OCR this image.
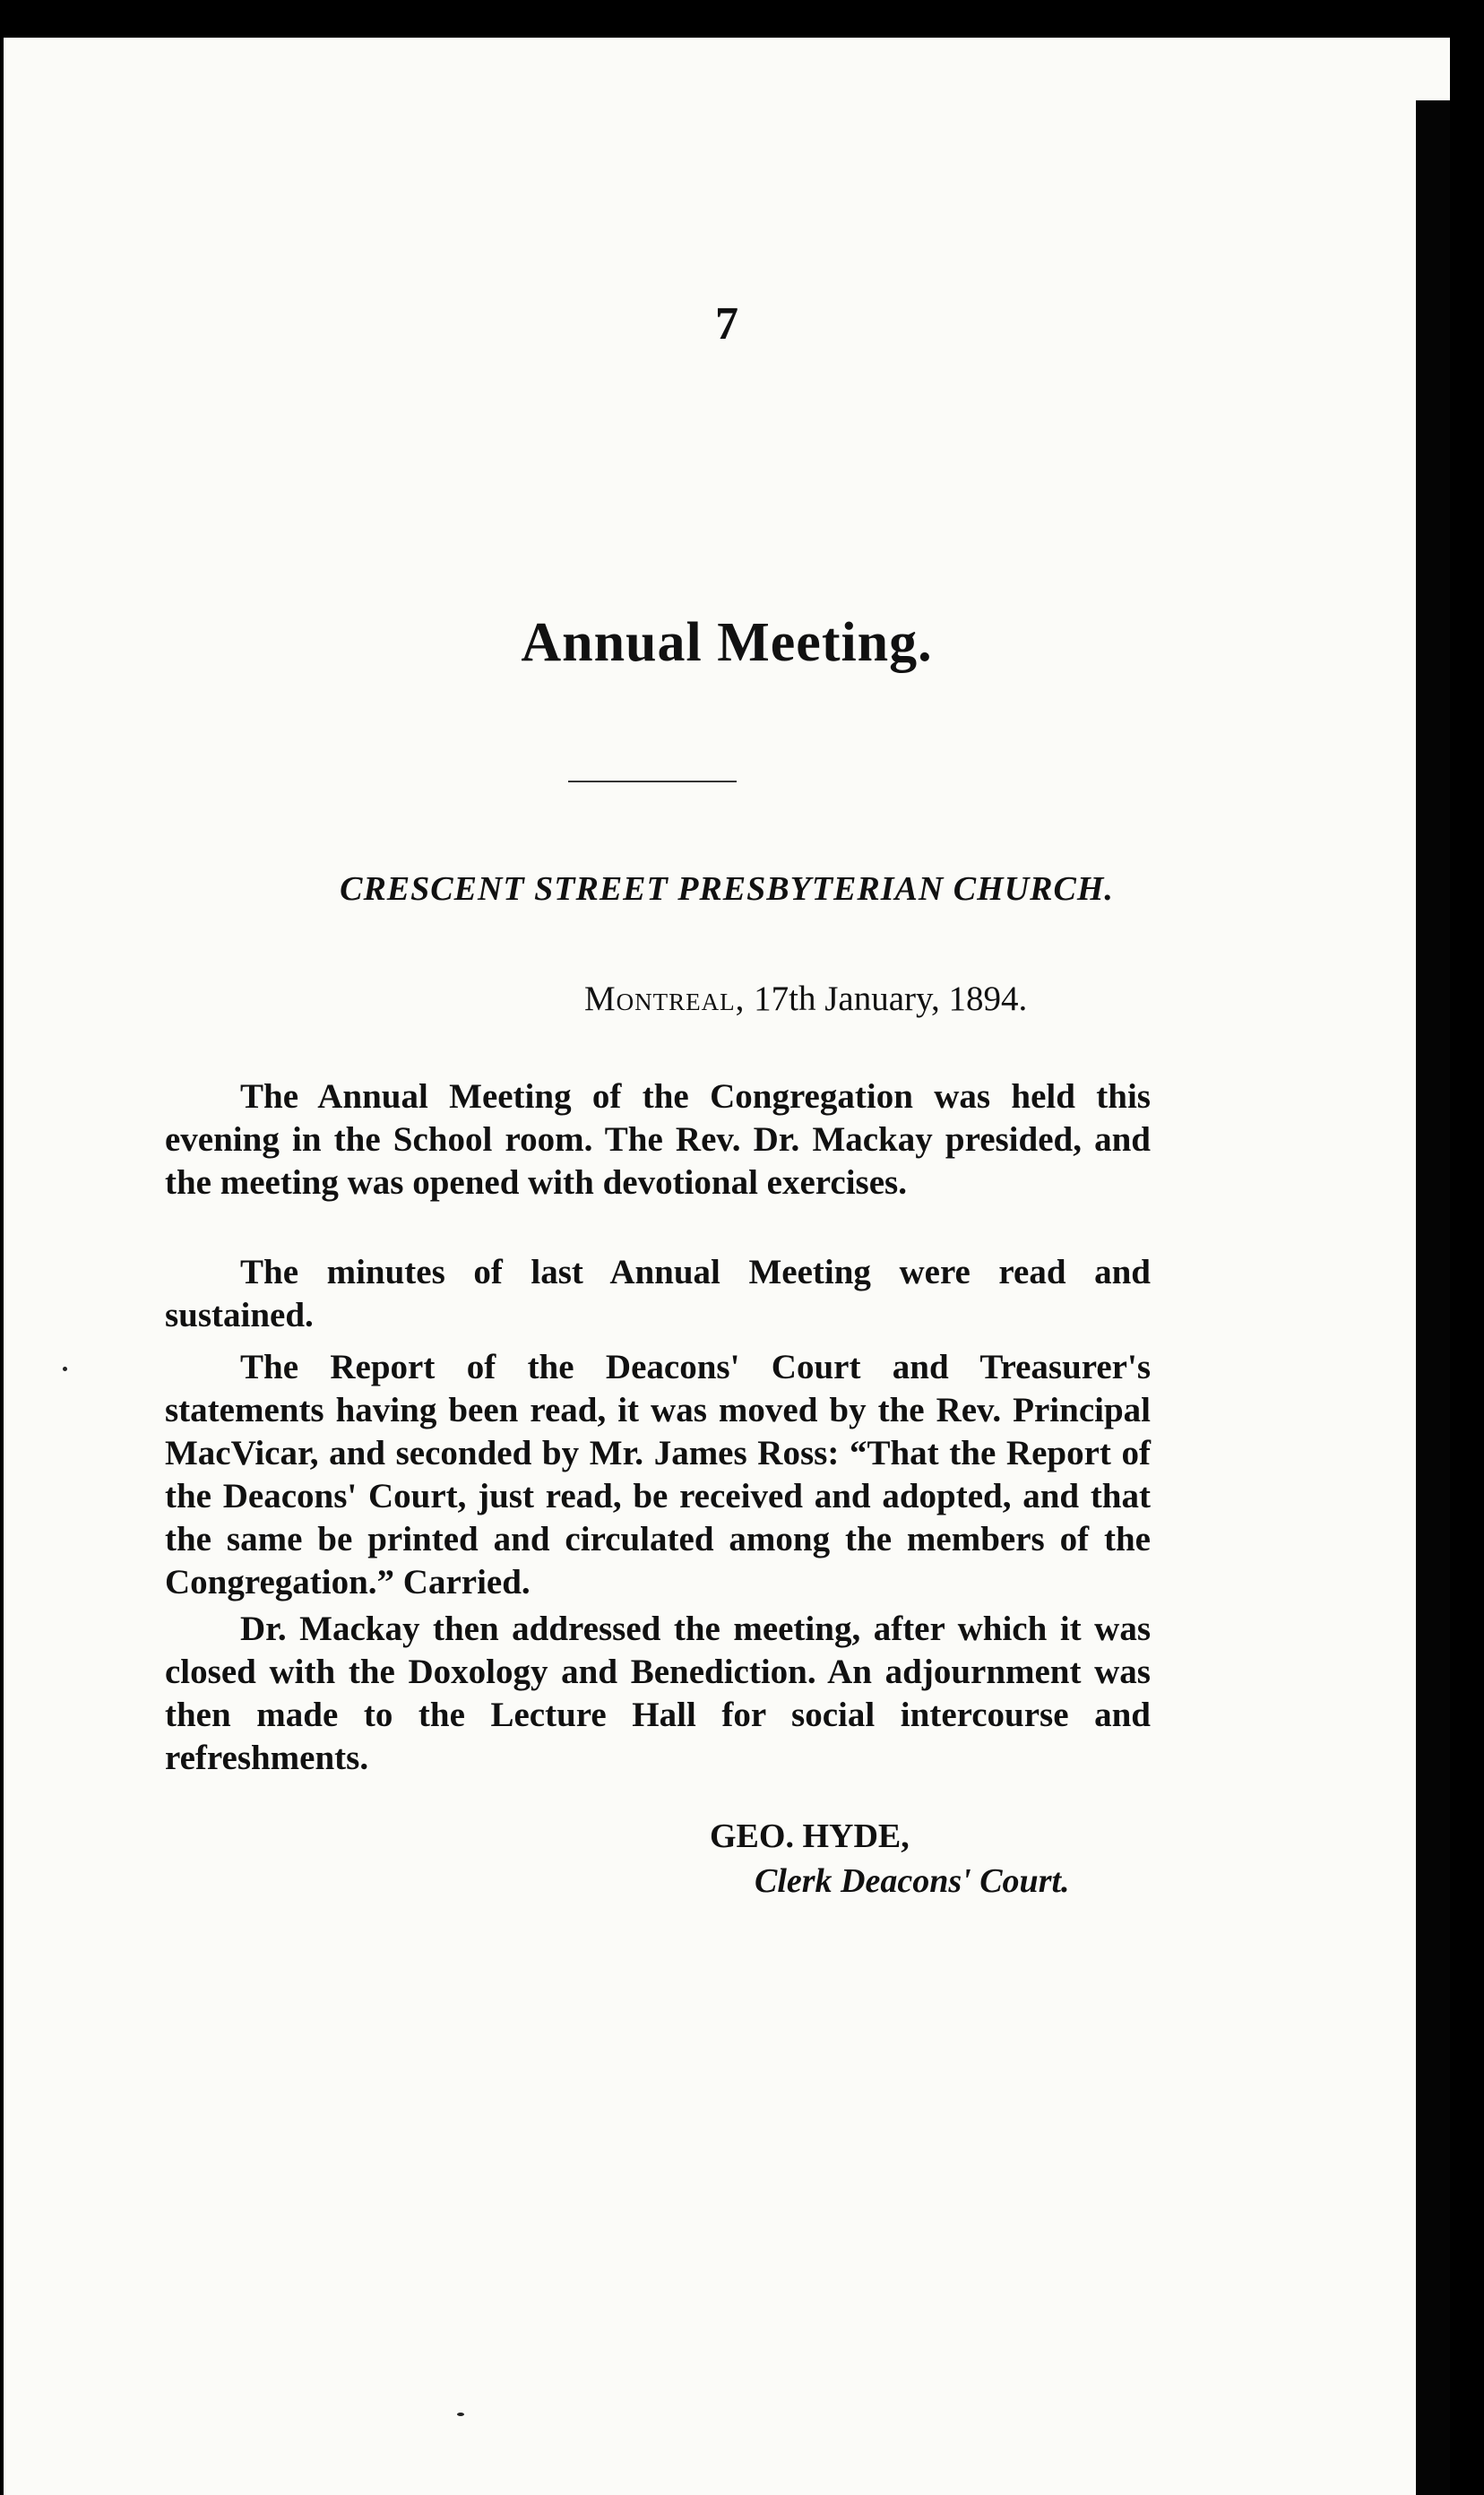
7
Annual Meeting.
CRESCENT STREET PRESBYTERIAN CHURCH.
Montreal, 17th January, 1894.
The Annual Meeting of the Congregation was held this evening in the School room. The Rev. Dr. Mackay presided, and the meeting was opened with devotional exercises.
The minutes of last Annual Meeting were read and sustained.
The Report of the Deacons' Court and Treasurer's statements having been read, it was moved by the Rev. Principal MacVicar, and seconded by Mr. James Ross: “That the Report of the Deacons' Court, just read, be received and adopted, and that the same be printed and circulated among the members of the Congregation.” Carried.
Dr. Mackay then addressed the meeting, after which it was closed with the Doxology and Benediction. An adjournment was then made to the Lecture Hall for social intercourse and refreshments.
GEO. HYDE,
Clerk Deacons' Court.
